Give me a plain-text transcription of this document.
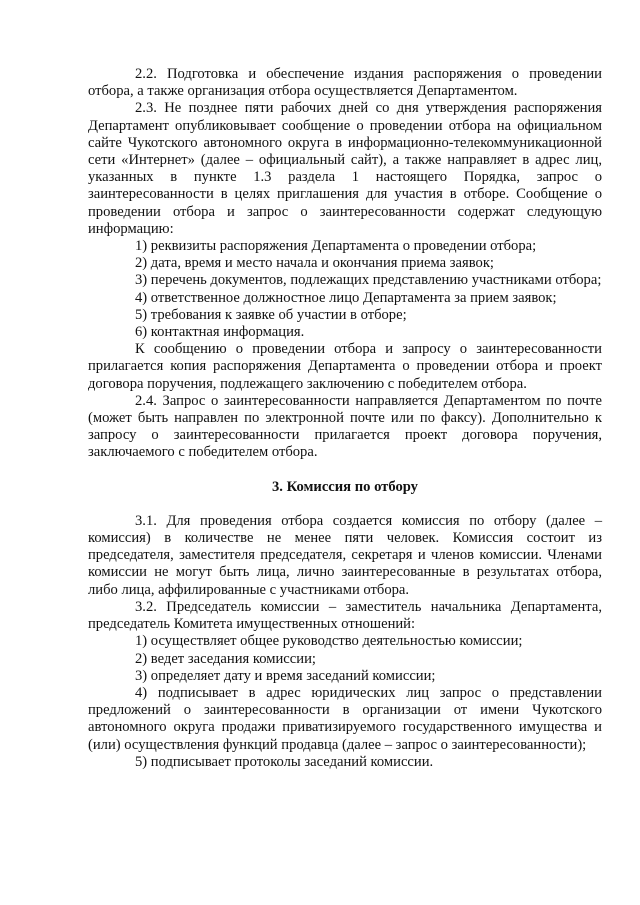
2.2. Подготовка и обеспечение издания распоряжения о проведении отбора, а также организация отбора осуществляется Департаментом.

2.3. Не позднее пяти рабочих дней со дня утверждения распоряжения Департамент опубликовывает сообщение о проведении отбора на официальном сайте Чукотского автономного округа в информационно-телекоммуникационной сети «Интернет» (далее – официальный сайт), а также направляет в адрес лиц, указанных в пункте 1.3 раздела 1 настоящего Порядка, запрос о заинтересованности в целях приглашения для участия в отборе. Сообщение о проведении отбора и запрос о заинтересованности содержат следующую информацию:

1) реквизиты распоряжения Департамента о проведении отбора;

2) дата, время и место начала и окончания приема заявок;

3) перечень документов, подлежащих представлению участниками отбора;

4) ответственное должностное лицо Департамента за прием заявок;

5) требования к заявке об участии в отборе;

6) контактная информация.

К сообщению о проведении отбора и запросу о заинтересованности прилагается копия распоряжения Департамента о проведении отбора и проект договора поручения, подлежащего заключению с победителем отбора.

2.4. Запрос о заинтересованности направляется Департаментом по почте (может быть направлен по электронной почте или по факсу). Дополнительно к запросу о заинтересованности прилагается проект договора поручения, заключаемого с победителем отбора.

3. Комиссия по отбору

3.1. Для проведения отбора создается комиссия по отбору (далее – комиссия) в количестве не менее пяти человек. Комиссия состоит из председателя, заместителя председателя, секретаря и членов комиссии. Членами комиссии не могут быть лица, лично заинтересованные в результатах отбора, либо лица, аффилированные с участниками отбора.

3.2. Председатель комиссии – заместитель начальника Департамента, председатель Комитета имущественных отношений:

1) осуществляет общее руководство деятельностью комиссии;

2) ведет заседания комиссии;

3) определяет дату и время заседаний комиссии;

4) подписывает в адрес юридических лиц запрос о представлении предложений о заинтересованности в организации от имени Чукотского автономного округа продажи приватизируемого государственного имущества и (или) осуществления функций продавца (далее – запрос о заинтересованности);

5) подписывает протоколы заседаний комиссии.
